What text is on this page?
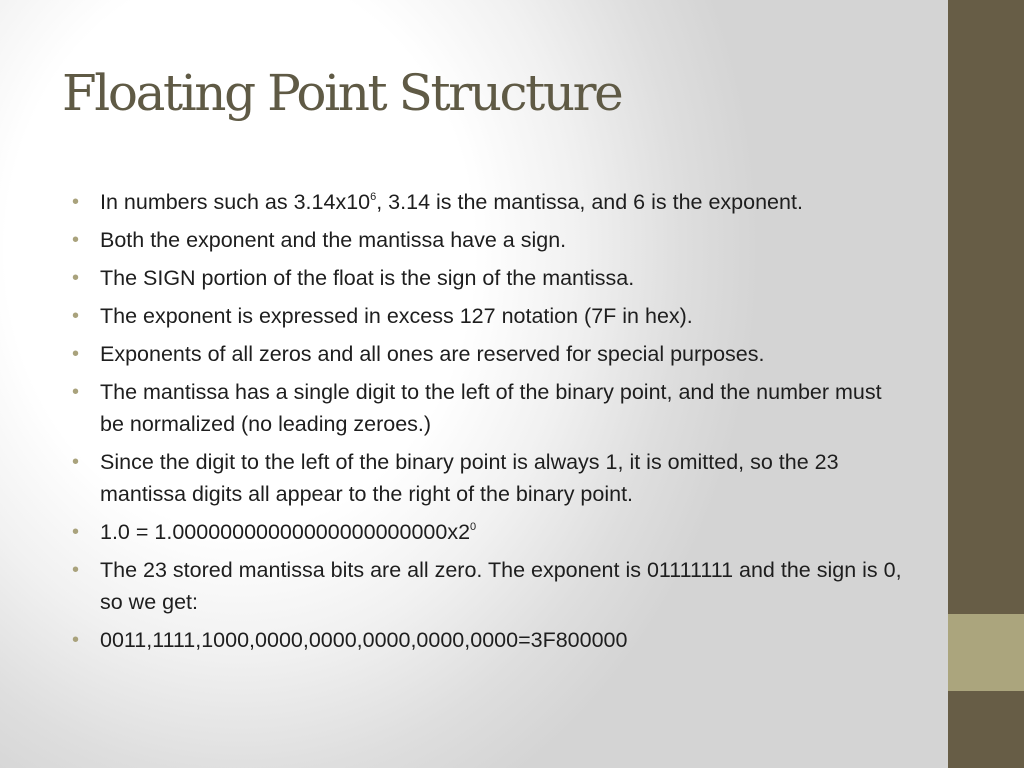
Floating Point Structure
• In numbers such as $3.14x10^6$, 3.14 is the mantissa, and 6 is the exponent.
• Both the exponent and the mantissa have a sign.
• The SIGN portion of the float is the sign of the mantissa.
• The exponent is expressed in excess 127 notation (7F in hex).
• Exponents of all zeros and all ones are reserved for special purposes.
• The mantissa has a single digit to the left of the binary point, and the number must be normalized (no leading zeroes.)
• Since the digit to the left of the binary point is always 1, it is omitted, so the 23 mantissa digits all appear to the right of the binary point.
• $1.0 = 1.00000000000000000000000x2^0$
• The 23 stored mantissa bits are all zero. The exponent is 01111111 and the sign is 0, so we get:
• 0011,1111,1000,0000,0000,0000,0000,0000=3F800000
